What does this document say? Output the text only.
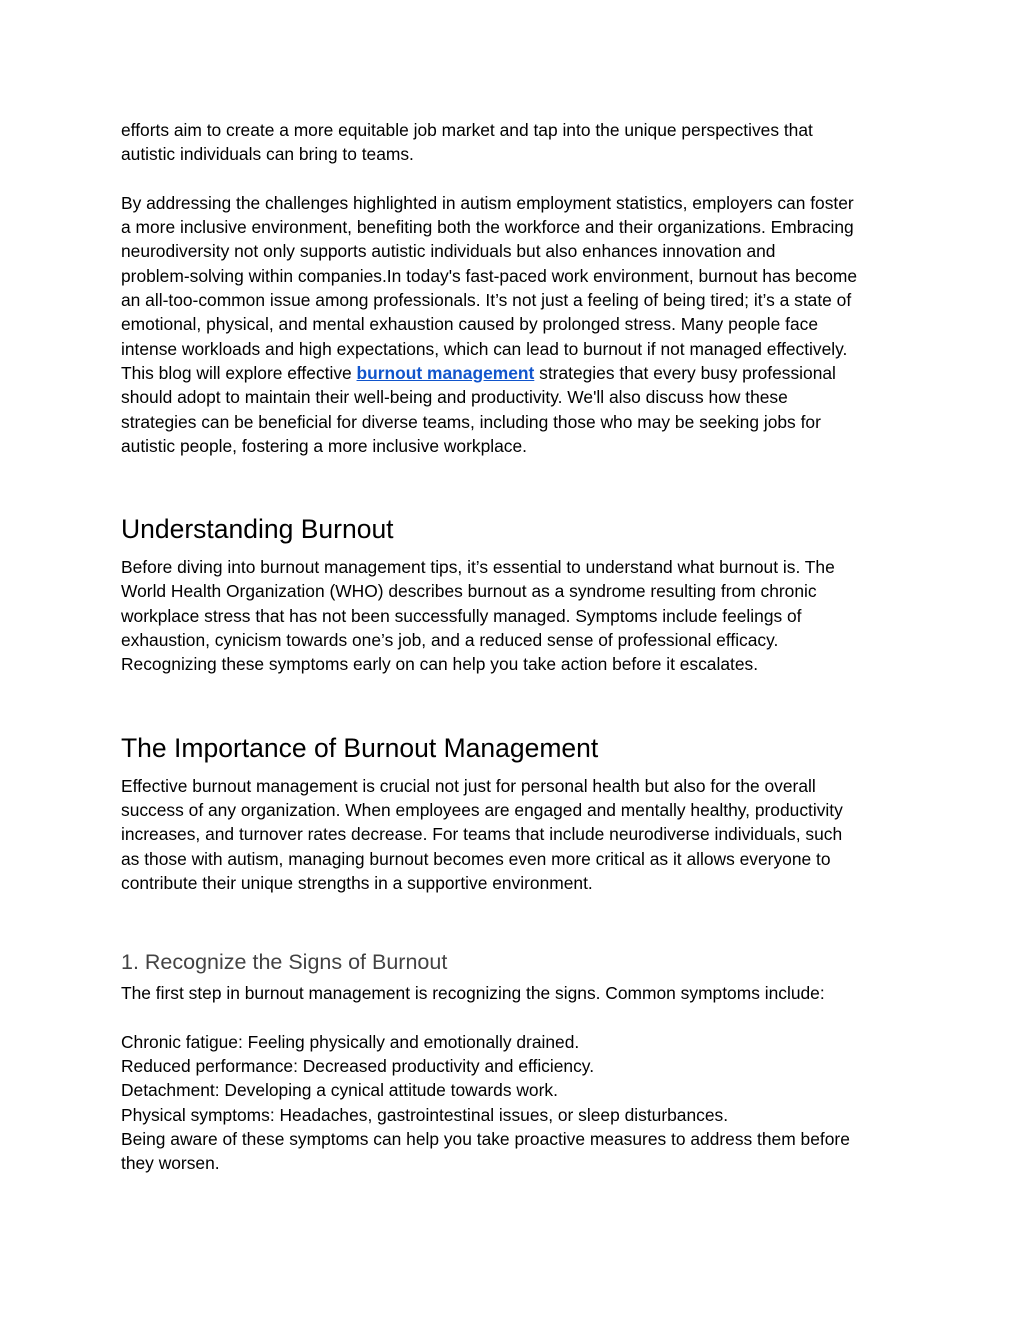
efforts aim to create a more equitable job market and tap into the unique perspectives that
autistic individuals can bring to teams.

By addressing the challenges highlighted in autism employment statistics, employers can foster
a more inclusive environment, benefiting both the workforce and their organizations. Embracing
neurodiversity not only supports autistic individuals but also enhances innovation and
problem-solving within companies.In today's fast-paced work environment, burnout has become
an all-too-common issue among professionals. It’s not just a feeling of being tired; it’s a state of
emotional, physical, and mental exhaustion caused by prolonged stress. Many people face
intense workloads and high expectations, which can lead to burnout if not managed effectively.
This blog will explore effective burnout management strategies that every busy professional
should adopt to maintain their well-being and productivity. We'll also discuss how these
strategies can be beneficial for diverse teams, including those who may be seeking jobs for
autistic people, fostering a more inclusive workplace.

Understanding Burnout

Before diving into burnout management tips, it’s essential to understand what burnout is. The
World Health Organization (WHO) describes burnout as a syndrome resulting from chronic
workplace stress that has not been successfully managed. Symptoms include feelings of
exhaustion, cynicism towards one’s job, and a reduced sense of professional efficacy.
Recognizing these symptoms early on can help you take action before it escalates.

The Importance of Burnout Management

Effective burnout management is crucial not just for personal health but also for the overall
success of any organization. When employees are engaged and mentally healthy, productivity
increases, and turnover rates decrease. For teams that include neurodiverse individuals, such
as those with autism, managing burnout becomes even more critical as it allows everyone to
contribute their unique strengths in a supportive environment.

1. Recognize the Signs of Burnout

The first step in burnout management is recognizing the signs. Common symptoms include:

Chronic fatigue: Feeling physically and emotionally drained.
Reduced performance: Decreased productivity and efficiency.
Detachment: Developing a cynical attitude towards work.
Physical symptoms: Headaches, gastrointestinal issues, or sleep disturbances.
Being aware of these symptoms can help you take proactive measures to address them before
they worsen.
